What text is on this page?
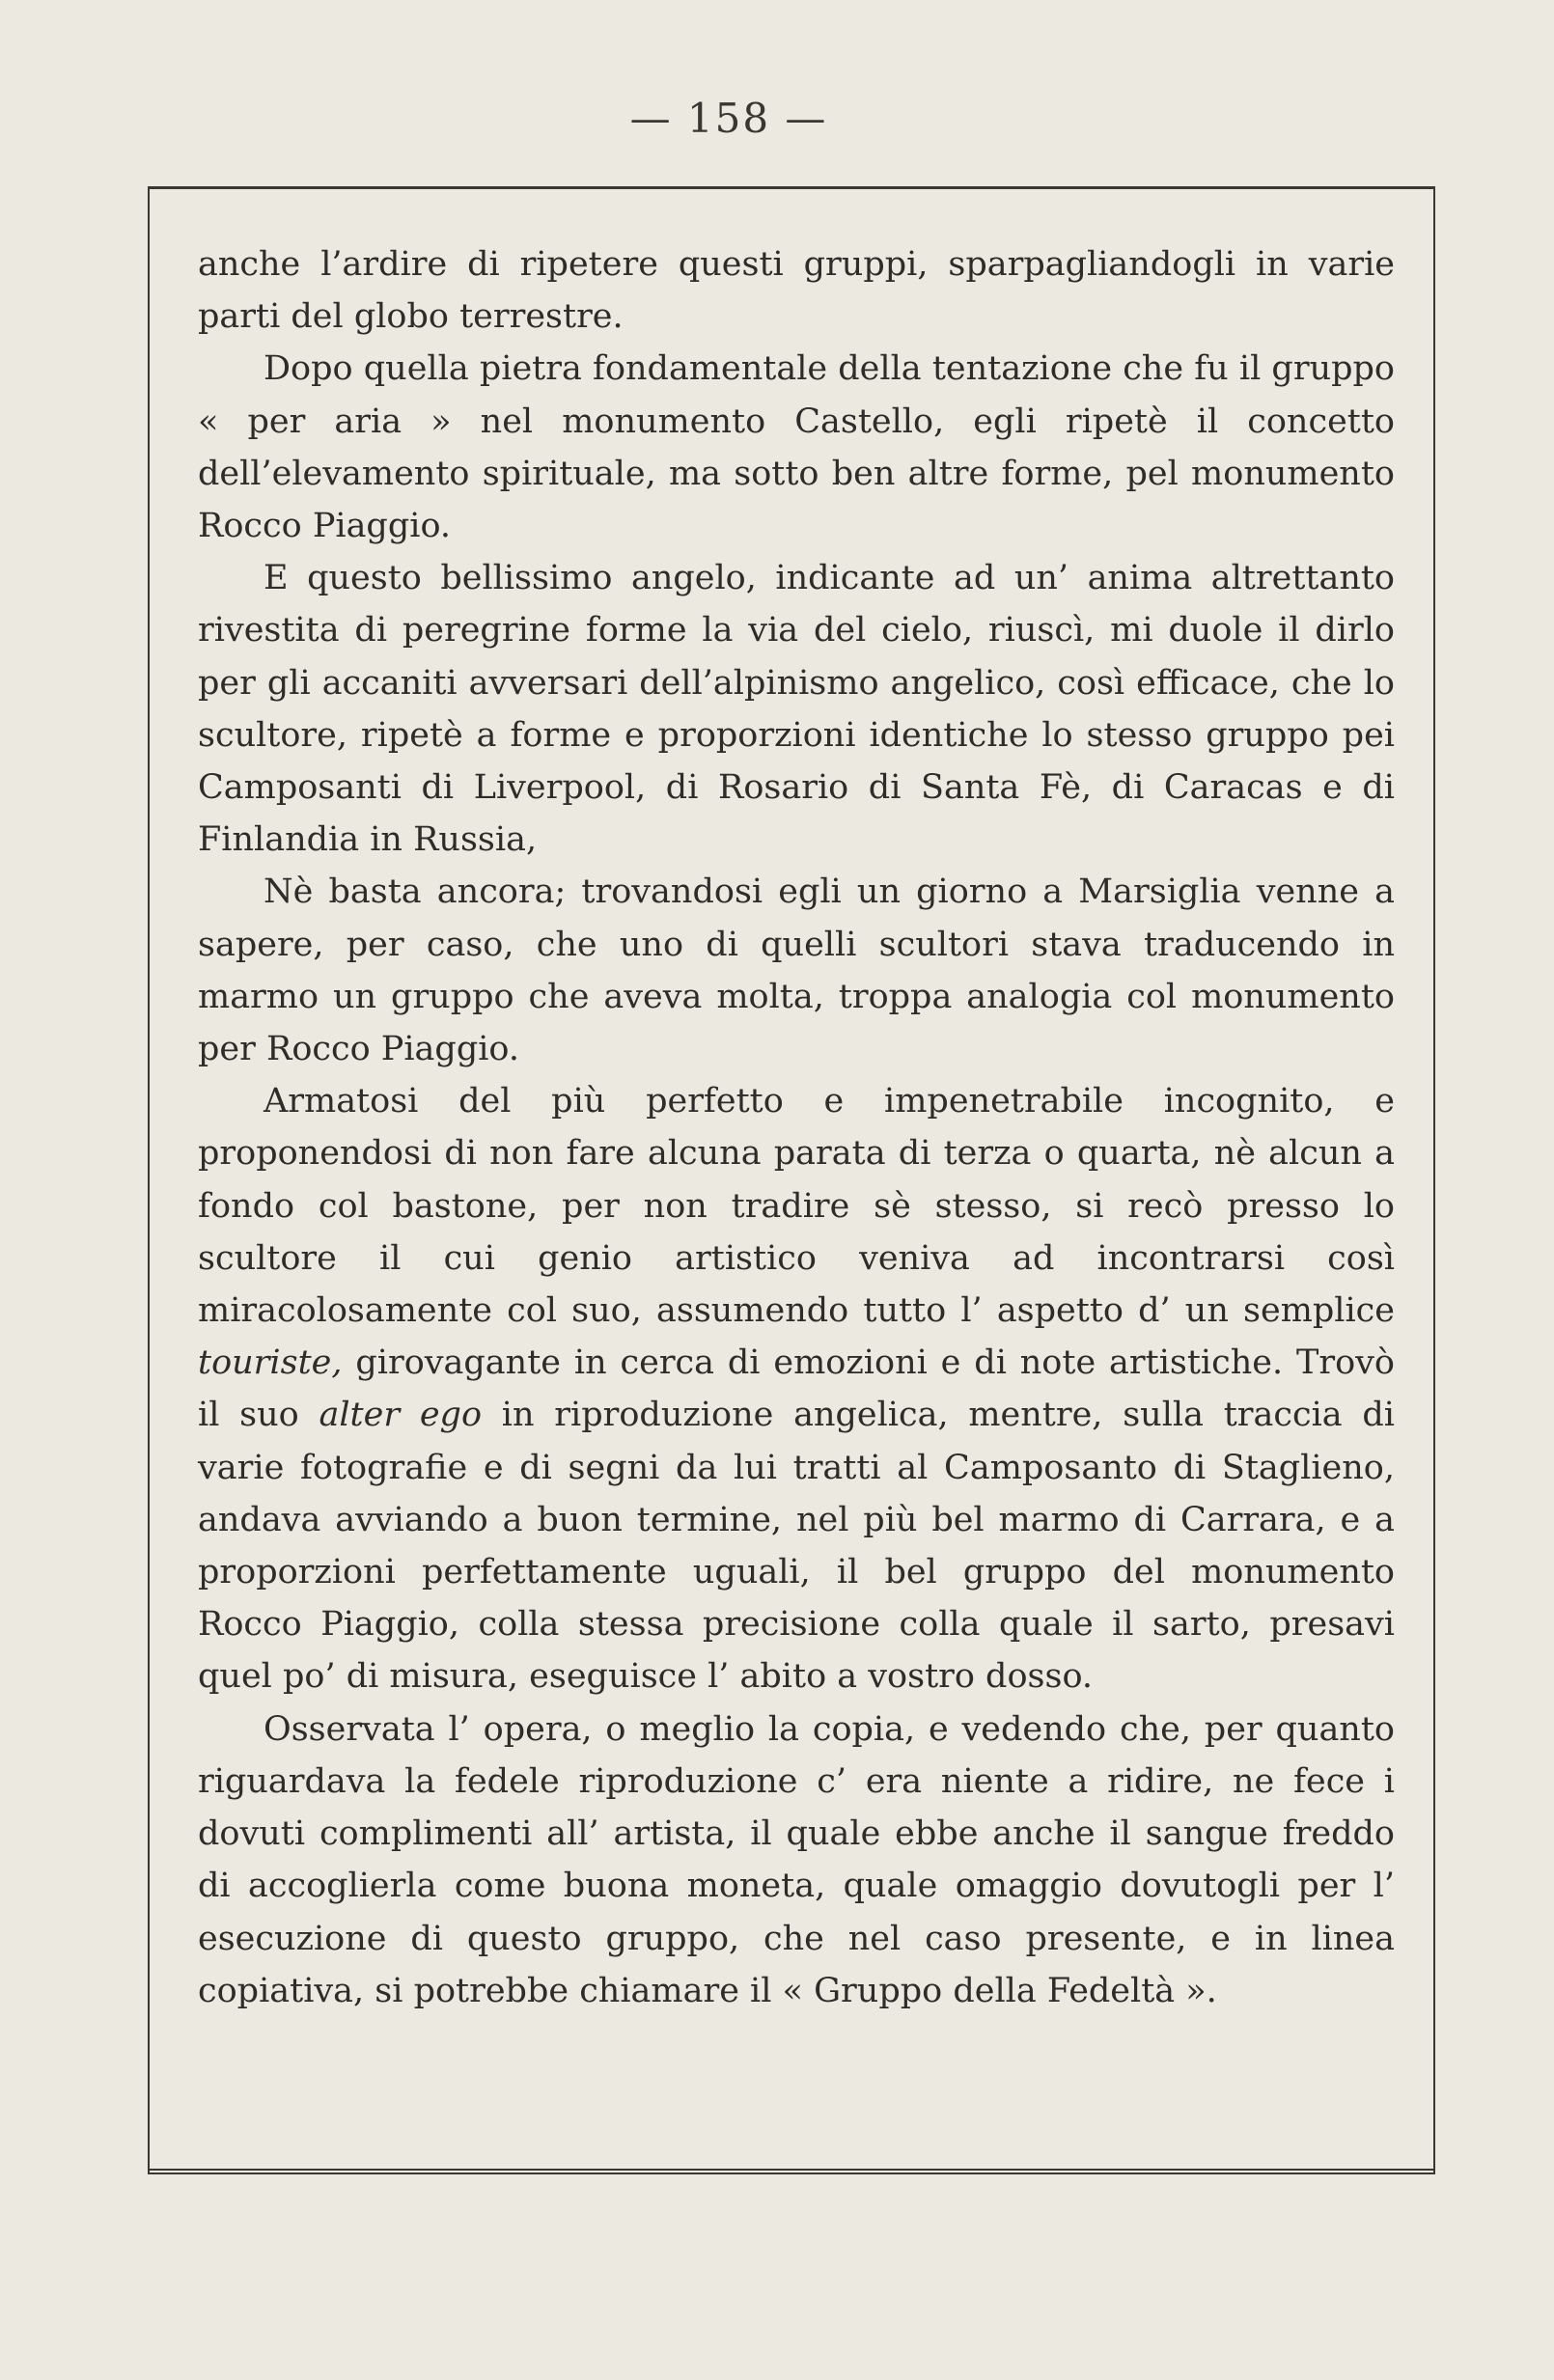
— 158 —

anche l’ardire di ripetere questi gruppi, sparpagliandogli in varie parti del globo terrestre.

Dopo quella pietra fondamentale della tentazione che fu il gruppo « per aria » nel monumento Castello, egli ripetè il concetto dell’elevamento spirituale, ma sotto ben altre forme, pel monumento Rocco Piaggio.

E questo bellissimo angelo, indicante ad un’ anima altrettanto rivestita di peregrine forme la via del cielo, riuscì, mi duole il dirlo per gli accaniti avversari dell’alpinismo angelico, così efficace, che lo scultore, ripetè a forme e proporzioni identiche lo stesso gruppo pei Camposanti di Liverpool, di Rosario di Santa Fè, di Caracas e di Finlandia in Russia,

Nè basta ancora; trovandosi egli un giorno a Marsiglia venne a sapere, per caso, che uno di quelli scultori stava traducendo in marmo un gruppo che aveva molta, troppa analogia col monumento per Rocco Piaggio.

Armatosi del più perfetto e impenetrabile incognito, e proponendosi di non fare alcuna parata di terza o quarta, nè alcun a fondo col bastone, per non tradire sè stesso, si recò presso lo scultore il cui genio artistico veniva ad incontrarsi così miracolosamente col suo, assumendo tutto l’ aspetto d’ un semplice touriste, girovagante in cerca di emozioni e di note artistiche. Trovò il suo alter ego in riproduzione angelica, mentre, sulla traccia di varie fotografie e di segni da lui tratti al Camposanto di Staglieno, andava avviando a buon termine, nel più bel marmo di Carrara, e a proporzioni perfettamente uguali, il bel gruppo del monumento Rocco Piaggio, colla stessa precisione colla quale il sarto, presavi quel po’ di misura, eseguisce l’ abito a vostro dosso.

Osservata l’ opera, o meglio la copia, e vedendo che, per quanto riguardava la fedele riproduzione c’ era niente a ridire, ne fece i dovuti complimenti all’ artista, il quale ebbe anche il sangue freddo di accoglierla come buona moneta, quale omaggio dovutogli per l’ esecuzione di questo gruppo, che nel caso presente, e in linea copiativa, si potrebbe chiamare il « Gruppo della Fedeltà ».
